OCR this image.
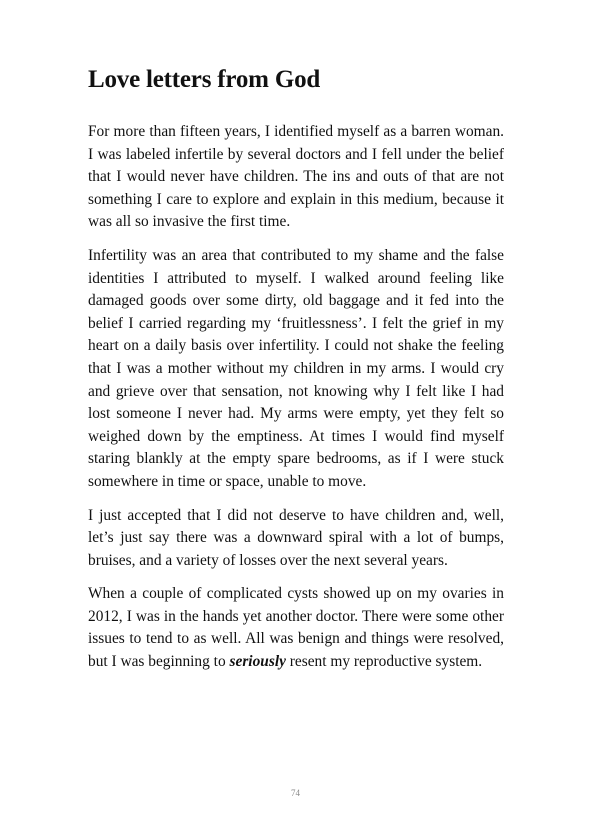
Love letters from God

For more than fifteen years, I identified myself as a barren woman. I was labeled infertile by several doctors and I fell under the belief that I would never have children. The ins and outs of that are not something I care to explore and explain in this medium, because it was all so invasive the first time.

Infertility was an area that contributed to my shame and the false identities I attributed to myself. I walked around feeling like damaged goods over some dirty, old baggage and it fed into the belief I carried regarding my ‘fruitlessness’. I felt the grief in my heart on a daily basis over infertility. I could not shake the feeling that I was a mother without my children in my arms. I would cry and grieve over that sensation, not knowing why I felt like I had lost someone I never had. My arms were empty, yet they felt so weighed down by the emptiness. At times I would find myself staring blankly at the empty spare bedrooms, as if I were stuck somewhere in time or space, unable to move.

I just accepted that I did not deserve to have children and, well, let’s just say there was a downward spiral with a lot of bumps, bruises, and a variety of losses over the next several years.

When a couple of complicated cysts showed up on my ovaries in 2012, I was in the hands yet another doctor. There were some other issues to tend to as well. All was benign and things were resolved, but I was beginning to seriously resent my reproductive system.

74
